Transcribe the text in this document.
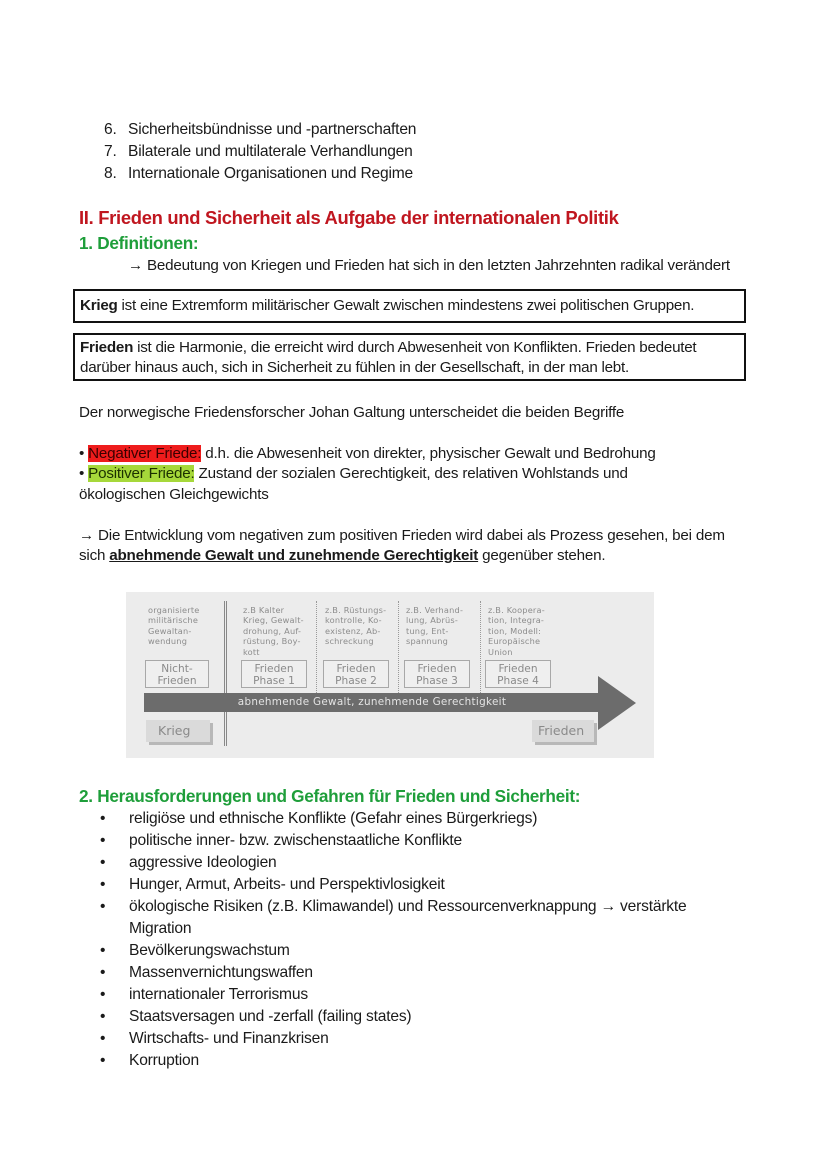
6. Sicherheitsbündnisse und -partnerschaften
7. Bilaterale und multilaterale Verhandlungen
8. Internationale Organisationen und Regime
II. Frieden und Sicherheit als Aufgabe der internationalen Politik
1. Definitionen:
→ Bedeutung von Kriegen und Frieden hat sich in den letzten Jahrzehnten radikal verändert
Krieg ist eine Extremform militärischer Gewalt zwischen mindestens zwei politischen Gruppen.
Frieden ist die Harmonie, die erreicht wird durch Abwesenheit von Konflikten. Frieden bedeutet darüber hinaus auch, sich in Sicherheit zu fühlen in der Gesellschaft, in der man lebt.
Der norwegische Friedensforscher Johan Galtung unterscheidet die beiden Begriffe
• Negativer Friede: d.h. die Abwesenheit von direkter, physischer Gewalt und Bedrohung
• Positiver Friede: Zustand der sozialen Gerechtigkeit, des relativen Wohlstands und
ökologischen Gleichgewichts
→ Die Entwicklung vom negativen zum positiven Frieden wird dabei als Prozess gesehen, bei dem
sich abnehmende Gewalt und zunehmende Gerechtigkeit gegenüber stehen.
organisierte
militärische
Gewaltan-
wendung
z.B Kalter
Krieg, Gewalt-
drohung, Auf-
rüstung, Boy-
kott
z.B. Rüstungs-
kontrolle, Ko-
existenz, Ab-
schreckung
z.B. Verhand-
lung, Abrüs-
tung, Ent-
spannung
z.B. Koopera-
tion, Integra-
tion, Modell:
Europäische
Union
Nicht-
Frieden
Frieden
Phase 1
Frieden
Phase 2
Frieden
Phase 3
Frieden
Phase 4
abnehmende Gewalt, zunehmende Gerechtigkeit
Krieg	Frieden
2. Herausforderungen und Gefahren für Frieden und Sicherheit:
• religiöse und ethnische Konflikte (Gefahr eines Bürgerkriegs)
• politische inner- bzw. zwischenstaatliche Konflikte
• aggressive Ideologien
• Hunger, Armut, Arbeits- und Perspektivlosigkeit
• ökologische Risiken (z.B. Klimawandel) und Ressourcenverknappung → verstärkte
Migration
• Bevölkerungswachstum
• Massenvernichtungswaffen
• internationaler Terrorismus
• Staatsversagen und -zerfall (failing states)
• Wirtschafts- und Finanzkrisen
• Korruption
